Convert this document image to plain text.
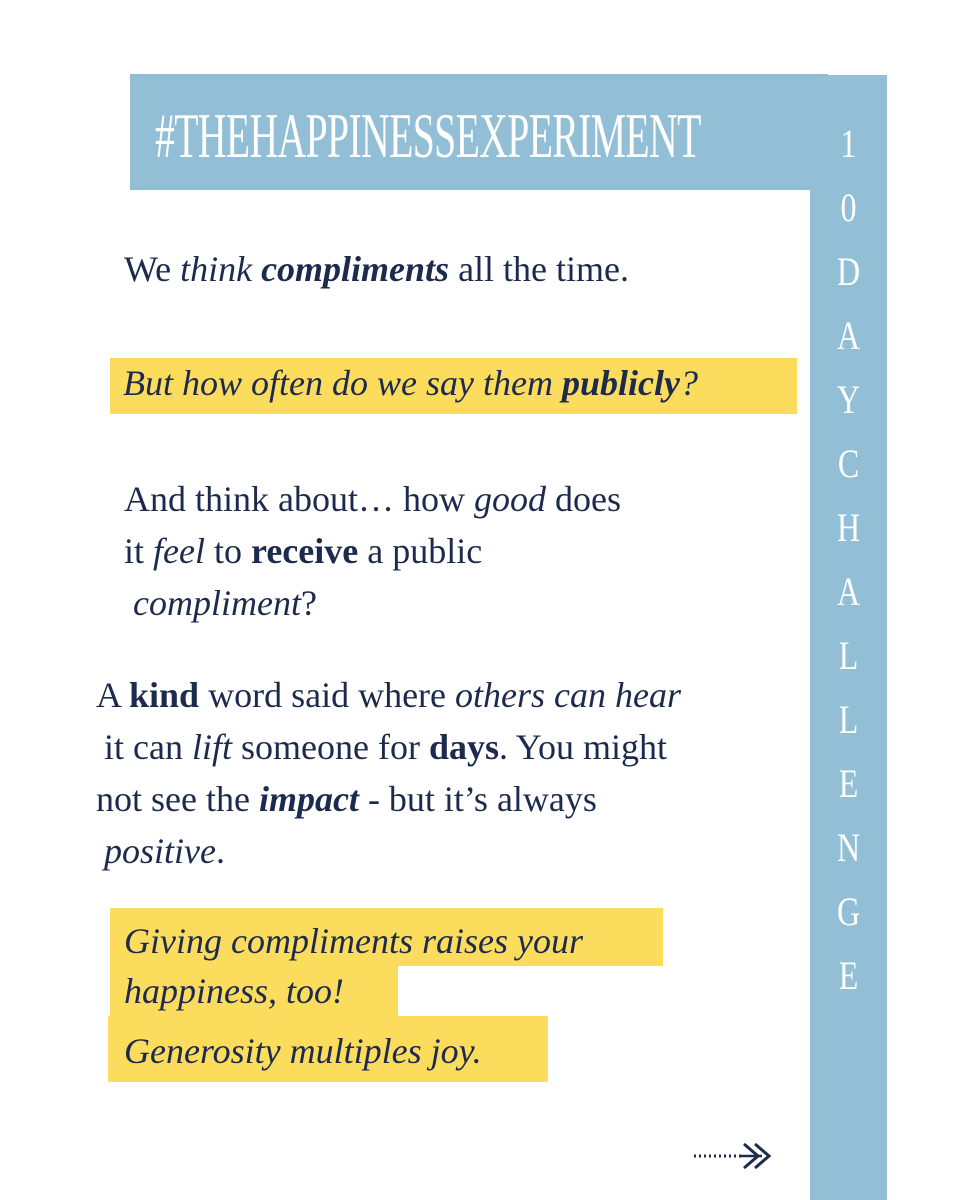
#THEHAPPINESSEXPERIMENT	1
0
D
A
Y
C
H
A
L
L
E
N
G
E
We think compliments all the time.
But how often do we say them publicly?
And think about… how good does
it feel to receive a public
compliment?
A kind word said where others can hear
it can lift someone for days. You might
not see the impact - but it’s always
positive.
Giving compliments raises your
happiness, too!
Generosity multiples joy.
